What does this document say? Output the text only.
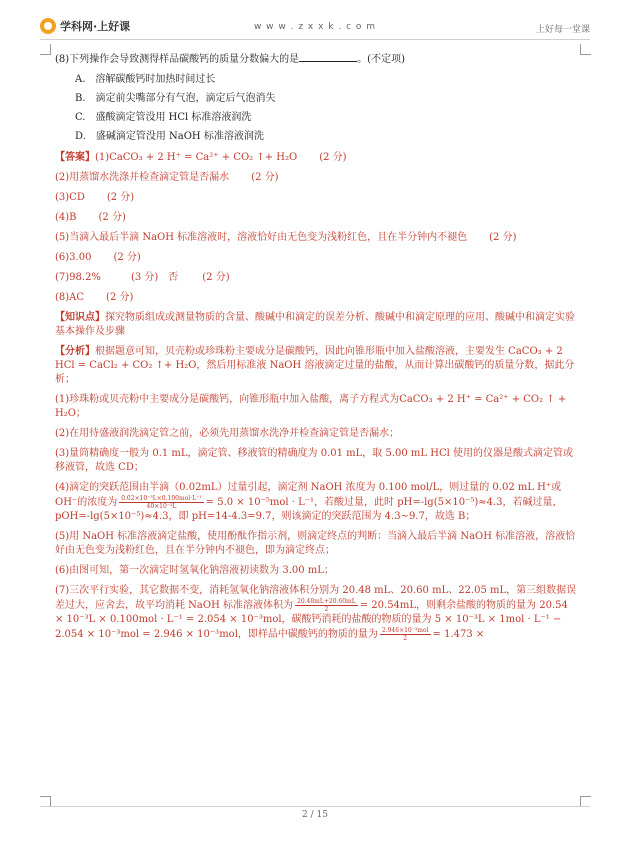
学科网·上好课	w w w . z x x k . c o m	上好每一堂课

(8)下列操作会导致测得样品碳酸钙的质量分数偏大的是	。(不定项)

A.　溶解碳酸钙时加热时间过长
B.　滴定前尖嘴部分有气泡，滴定后气泡消失
C.　盛酸滴定管没用 HCl 标准溶液润洗
D.　盛碱滴定管没用 NaOH 标准溶液润洗

【答案】(1)CaCO₃ + 2 H⁺ = Ca²⁺ + CO₂ ↑+ H₂O (2 分)

(2)用蒸馏水洗涤并检查滴定管是否漏水 (2 分)

(3)CD (2 分)

(4)B (2 分)

(5)当滴入最后半滴 NaOH 标准溶液时，溶液恰好由无色变为浅粉红色，且在半分钟内不褪色 (2 分)

(6)3.00 (2 分)

(7)98.2%	(3 分) 否 (2 分)

(8)AC (2 分)

【知识点】探究物质组成或测量物质的含量、酸碱中和滴定的误差分析、酸碱中和滴定原理的应用、酸碱中和滴定实验基本操作及步骤

【分析】根据题意可知，贝壳粉或珍珠粉主要成分是碳酸钙，因此向锥形瓶中加入盐酸溶液，主要发生 CaCO₃ + 2 HCl = CaCl₂ + CO₂ ↑+ H₂O，然后用标准液 NaOH 溶液滴定过量的盐酸，从而计算出碳酸钙的质量分数，据此分析；

(1)珍珠粉或贝壳粉中主要成分是碳酸钙，向锥形瓶中加入盐酸，离子方程式为CaCO₃ + 2 H⁺ = Ca²⁺ + CO₂ ↑ + H₂O；

(2)在用待盛液润洗滴定管之前，必须先用蒸馏水洗净并检查滴定管是否漏水；

(3)量筒精确度一般为 0.1 mL，滴定管、移液管的精确度为 0.01 mL，取 5.00 mL HCl 使用的仪器是酸式滴定管或移液管，故选 CD；

(4)滴定的突跃范围由半滴（0.02mL）过量引起，滴定剂 NaOH 浓度为 0.100 mol/L，则过量的 0.02 mL H⁺或 OH⁻的浓度为 $\frac{\text{0.02×10⁻³L×0.100mol·L⁻¹}}{\text{40×10⁻³L}} = 5.0 \times 10^{-5}mol \cdot L^{-1}$，若酸过量，此时 pH=-lg(5×10⁻⁵)≈4.3，若碱过量，pOH=-lg(5×10⁻⁵)≈4.3，即 pH=14-4.3=9.7，则该滴定的突跃范围为 4.3~9.7，故选 B；

(5)用 NaOH 标准溶液滴定盐酸，使用酚酞作指示剂，则滴定终点的判断：当滴入最后半滴 NaOH 标准溶液，溶液恰好由无色变为浅粉红色，且在半分钟内不褪色，即为滴定终点；

(6)由图可知，第一次滴定时氢氧化钠溶液初读数为 3.00 mL；

(7)三次平行实验，其它数据不变，消耗氢氧化钠溶液体积分别为 20.48 mL、20.60 mL、22.05 mL，第三组数据误差过大，应舍去，故平均消耗 NaOH 标准溶液体积为 $\frac{20.48mL+20.60mL}{2} = 20.54mL$，则剩余盐酸的物质的量为 20.54 × 10⁻³L × 0.100mol · L⁻¹ = 2.054 × 10⁻³mol，碳酸钙消耗的盐酸的物质的量为 5 × 10⁻³L × 1mol · L⁻¹ − 2.054 × 10⁻³mol = 2.946 × 10⁻³mol，即样品中碳酸钙的物质的量为 $\frac{\text{2.946×10⁻³mol}}{2} = 1.473$ ×

2 / 15
